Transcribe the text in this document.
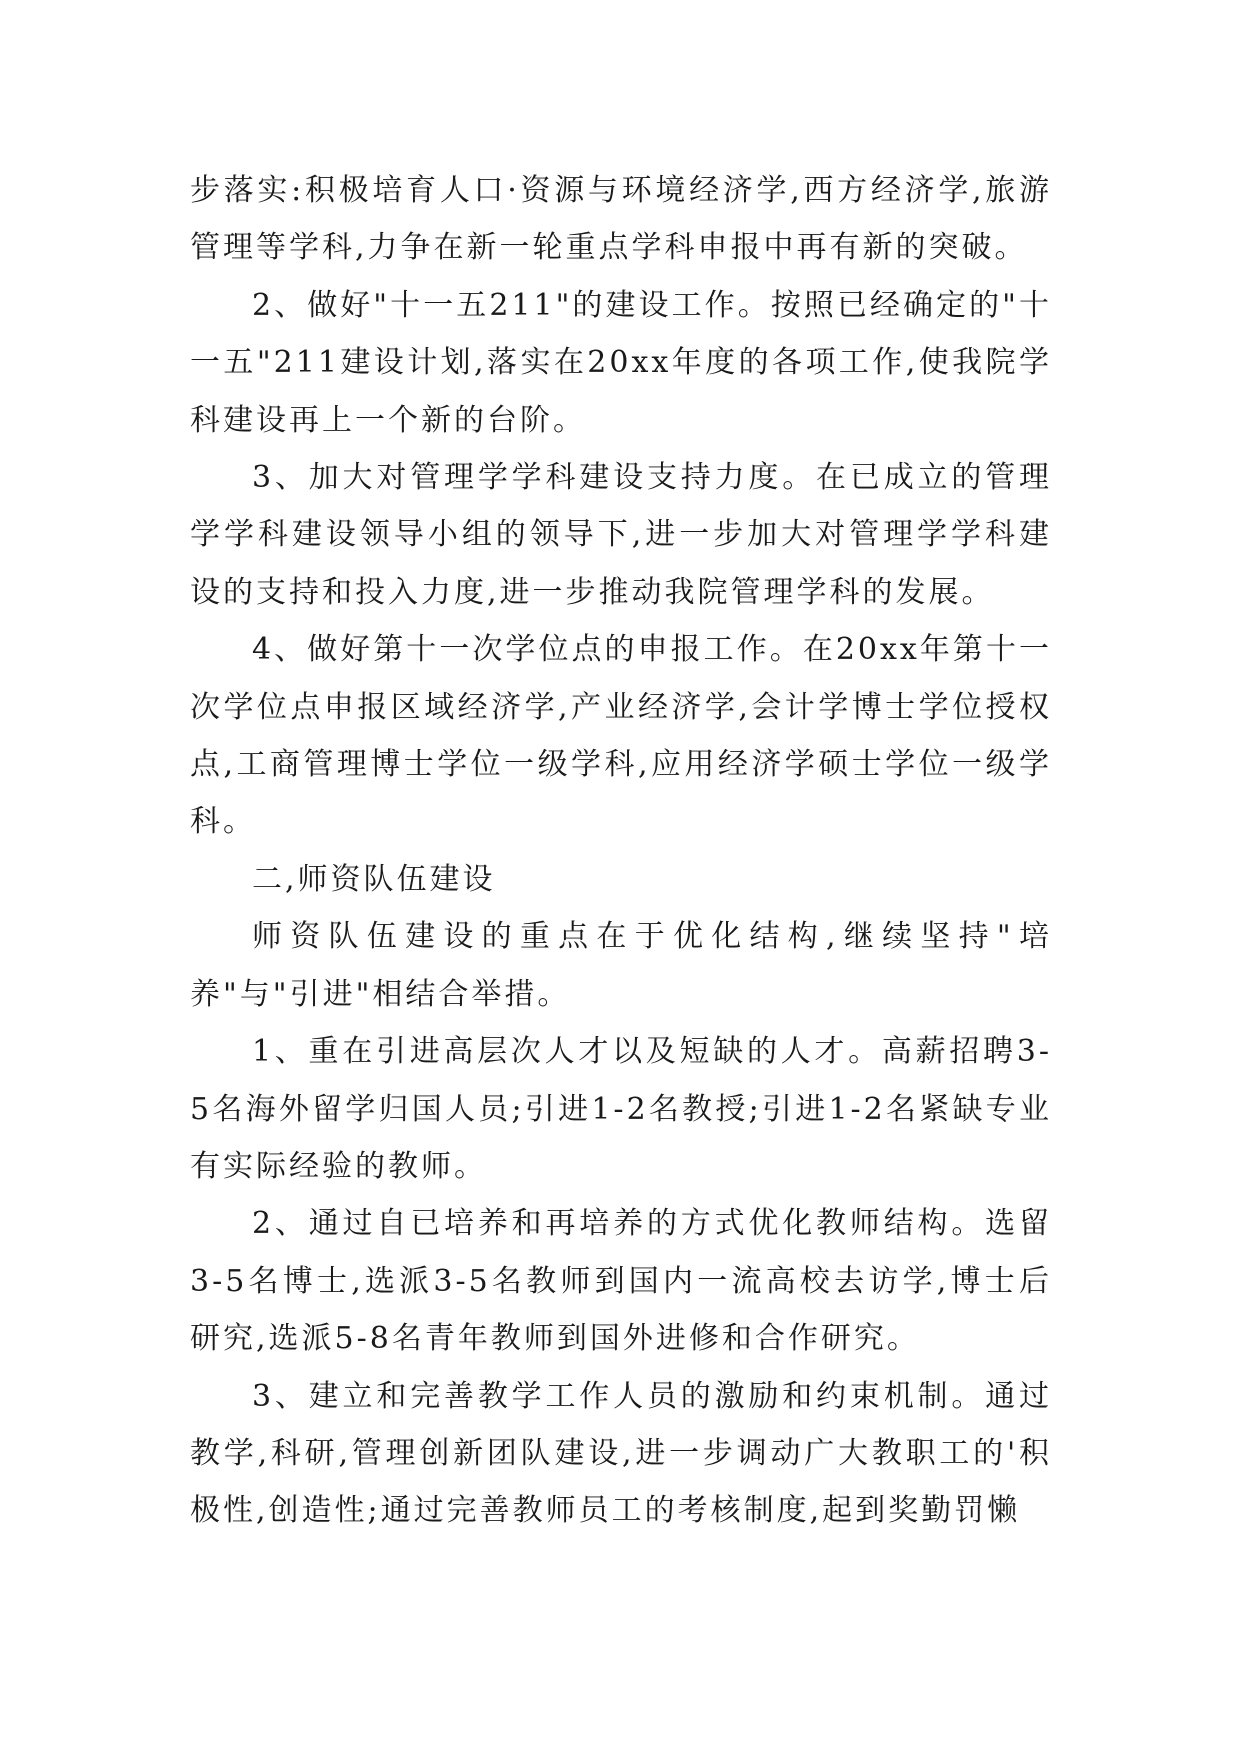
步落实:积极培育人口·资源与环境经济学,西方经济学,旅游管理等学科,力争在新一轮重点学科申报中再有新的突破。

2、做好"十一五211"的建设工作。按照已经确定的"十一五"211建设计划,落实在20xx年度的各项工作,使我院学科建设再上一个新的台阶。

3、加大对管理学学科建设支持力度。在已成立的管理学学科建设领导小组的领导下,进一步加大对管理学学科建设的支持和投入力度,进一步推动我院管理学科的发展。

4、做好第十一次学位点的申报工作。在20xx年第十一次学位点申报区域经济学,产业经济学,会计学博士学位授权点,工商管理博士学位一级学科,应用经济学硕士学位一级学科。

二,师资队伍建设

师资队伍建设的重点在于优化结构,继续坚持"培养"与"引进"相结合举措。

1、重在引进高层次人才以及短缺的人才。高薪招聘3-5名海外留学归国人员;引进1-2名教授;引进1-2名紧缺专业有实际经验的教师。

2、通过自已培养和再培养的方式优化教师结构。选留3-5名博士,选派3-5名教师到国内一流高校去访学,博士后研究,选派5-8名青年教师到国外进修和合作研究。

3、建立和完善教学工作人员的激励和约束机制。通过教学,科研,管理创新团队建设,进一步调动广大教职工的'积极性,创造性;通过完善教师员工的考核制度,起到奖勤罚懒
